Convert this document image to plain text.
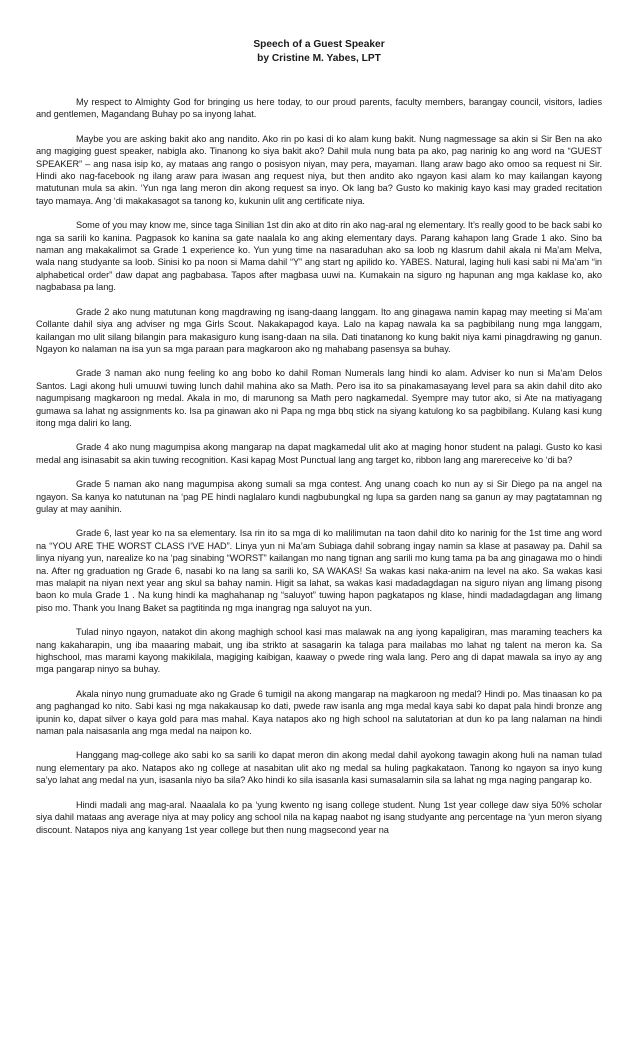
Speech of a Guest Speaker
by Cristine M. Yabes, LPT

My respect to Almighty God for bringing us here today, to our proud parents, faculty members, barangay council, visitors, ladies and gentlemen, Magandang Buhay po sa inyong lahat.

Maybe you are asking bakit ako ang nandito. Ako rin po kasi di ko alam kung bakit. Nung nagmessage sa akin si Sir Ben na ako ang magiging guest speaker, nabigla ako. Tinanong ko siya bakit ako? Dahil mula nung bata pa ako, pag narinig ko ang word na “GUEST SPEAKER” – ang nasa isip ko, ay mataas ang rango o posisyon niyan, may pera, mayaman. Ilang araw bago ako omoo sa request ni Sir. Hindi ako nag-facebook ng ilang araw para iwasan ang request niya, but then andito ako ngayon kasi alam ko may kailangan kayong matutunan mula sa akin. ‘Yun nga lang meron din akong request sa inyo. Ok lang ba? Gusto ko makinig kayo kasi may graded recitation tayo mamaya. Ang ‘di makakasagot sa tanong ko, kukunin ulit ang certificate niya.

Some of you may know me, since taga Sinilian 1st din ako at dito rin ako nag-aral ng elementary. It’s really good to be back sabi ko nga sa sarili ko kanina. Pagpasok ko kanina sa gate naalala ko ang aking elementary days. Parang kahapon lang Grade 1 ako. Sino ba naman ang makakalimot sa Grade 1 experience ko. Yun yung time na nasaraduhan ako sa loob ng klasrum dahil akala ni Ma’am Melva, wala nang studyante sa loob. Sinisi ko pa noon si Mama dahil “Y” ang start ng apilido ko. YABES. Natural, laging huli kasi sabi ni Ma’am “in alphabetical order” daw dapat ang pagbabasa. Tapos after magbasa uuwi na. Kumakain na siguro ng hapunan ang mga kaklase ko, ako nagbabasa pa lang.

Grade 2 ako nung matutunan kong magdrawing ng isang-daang langgam. Ito ang ginagawa namin kapag may meeting si Ma’am Collante dahil siya ang adviser ng mga Girls Scout. Nakakapagod kaya. Lalo na kapag nawala ka sa pagbibilang nung mga langgam, kailangan mo ulit silang bilangin para makasiguro kung isang-daan na sila. Dati tinatanong ko kung bakit niya kami pinagdrawing ng ganun. Ngayon ko nalaman na isa yun sa mga paraan para magkaroon ako ng mahabang pasensya sa buhay.

Grade 3 naman ako nung feeling ko ang bobo ko dahil Roman Numerals lang hindi ko alam. Adviser ko nun si Ma’am Delos Santos. Lagi akong huli umuuwi tuwing lunch dahil mahina ako sa Math. Pero isa ito sa pinakamasayang level para sa akin dahil dito ako nagumpisang magkaroon ng medal. Akala in mo, di marunong sa Math pero nagkamedal. Syempre may tutor ako, si Ate na matiyagang gumawa sa lahat ng assignments ko. Isa pa ginawan ako ni Papa ng mga bbq stick na siyang katulong ko sa pagbibilang. Kulang kasi kung itong mga daliri ko lang.

Grade 4 ako nung magumpisa akong mangarap na dapat magkamedal ulit ako at maging honor student na palagi. Gusto ko kasi medal ang isinasabit sa akin tuwing recognition. Kasi kapag Most Punctual lang ang target ko, ribbon lang ang marereceive ko ‘di ba?

Grade 5 naman ako nang magumpisa akong sumali sa mga contest. Ang unang coach ko nun ay si Sir Diego pa na angel na ngayon. Sa kanya ko natutunan na ‘pag PE hindi naglalaro kundi nagbubungkal ng lupa sa garden nang sa ganun ay may pagtatamnan ng gulay at may aanihin.

Grade 6, last year ko na sa elementary. Isa rin ito sa mga di ko malilimutan na taon dahil dito ko narinig for the 1st time ang word na “YOU ARE THE WORST CLASS I’VE HAD”. Linya yun ni Ma’am Subiaga dahil sobrang ingay namin sa klase at pasaway pa. Dahil sa linya niyang yun, narealize ko na ‘pag sinabing “WORST” kailangan mo nang tignan ang sarili mo kung tama pa ba ang ginagawa mo o hindi na. After ng graduation ng Grade 6, nasabi ko na lang sa sarili ko, SA WAKAS! Sa wakas kasi naka-anim na level na ako. Sa wakas kasi mas malapit na niyan next year ang skul sa bahay namin. Higit sa lahat, sa wakas kasi madadagdagan na siguro niyan ang limang pisong baon ko mula Grade 1 . Na kung hindi ka maghahanap ng “saluyot” tuwing hapon pagkatapos ng klase, hindi madadagdagan ang limang piso mo. Thank you Inang Baket sa pagtitinda ng mga inangrag nga saluyot na yun.

Tulad ninyo ngayon, natakot din akong maghigh school kasi mas malawak na ang iyong kapaligiran, mas maraming teachers ka nang kakaharapin, ung iba maaaring mabait, ung iba strikto at sasagarin ka talaga para mailabas mo lahat ng talent na meron ka. Sa highschool, mas marami kayong makikilala, magiging kaibigan, kaaway o pwede ring wala lang. Pero ang di dapat mawala sa inyo ay ang mga pangarap ninyo sa buhay.

Akala ninyo nung grumaduate ako ng Grade 6 tumigil na akong mangarap na magkaroon ng medal? Hindi po. Mas tinaasan ko pa ang paghangad ko nito. Sabi kasi ng mga nakakausap ko dati, pwede raw isanla ang mga medal kaya sabi ko dapat pala hindi bronze ang ipunin ko, dapat silver o kaya gold para mas mahal. Kaya natapos ako ng high school na salutatorian at dun ko pa lang nalaman na hindi naman pala naisasanla ang mga medal na naipon ko.

Hanggang mag-college ako sabi ko sa sarili ko dapat meron din akong medal dahil ayokong tawagin akong huli na naman tulad nung elementary pa ako. Natapos ako ng college at nasabitan ulit ako ng medal sa huling pagkakataon. Tanong ko ngayon sa inyo kung sa’yo lahat ang medal na yun, isasanla niyo ba sila? Ako hindi ko sila isasanla kasi sumasalamin sila sa lahat ng mga naging pangarap ko.

Hindi madali ang mag-aral. Naaalala ko pa ‘yung kwento ng isang college student. Nung 1st year college daw siya 50% scholar siya dahil mataas ang average niya at may policy ang school nila na kapag naabot ng isang studyante ang percentage na ‘yun meron siyang discount. Natapos niya ang kanyang 1st year college but then nung magsecond year na
